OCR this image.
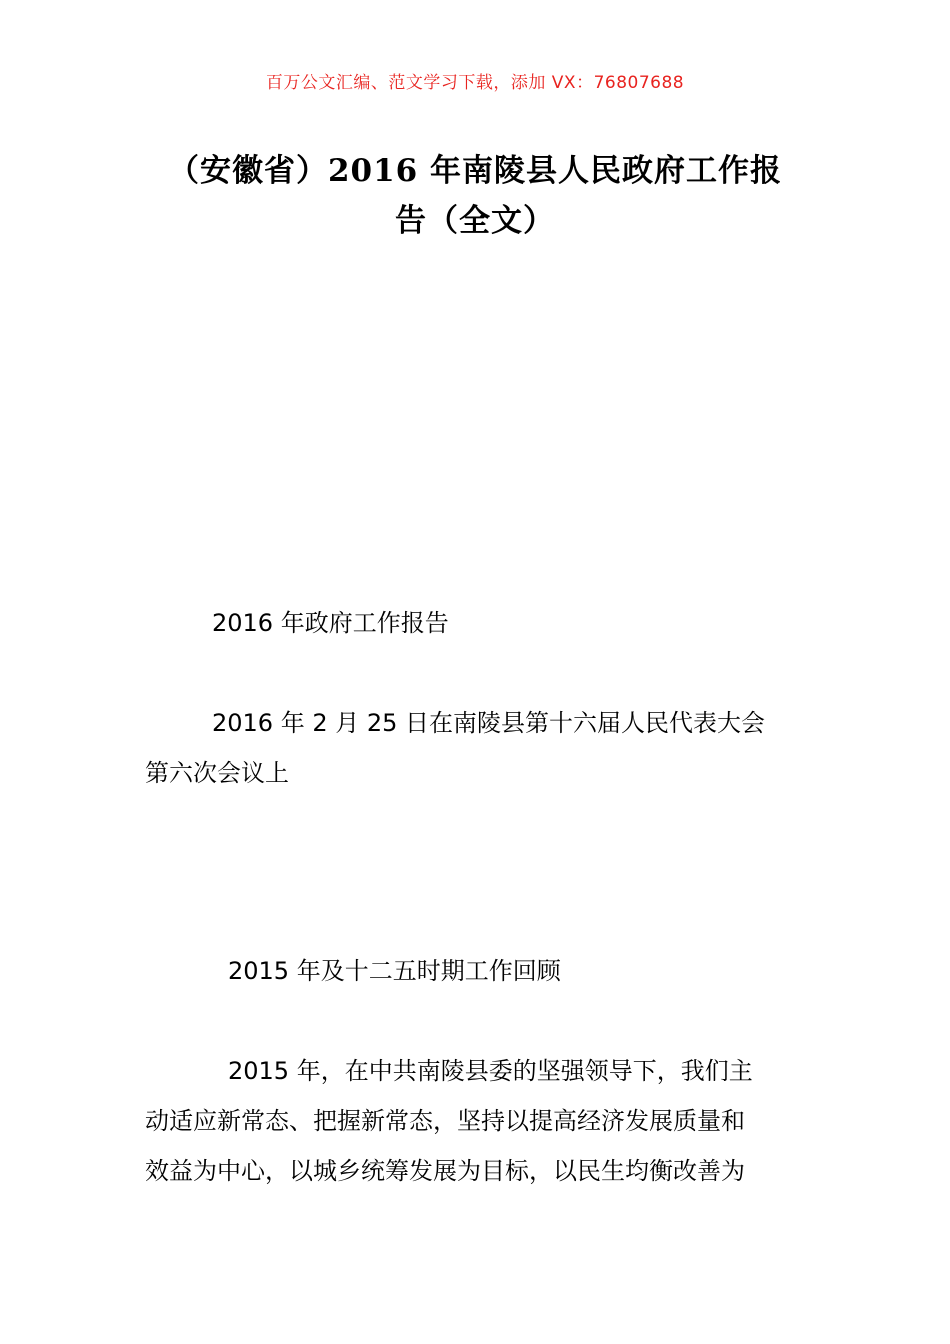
百万公文汇编、范文学习下载，添加 VX：76807688
（安徽省）2016 年南陵县人民政府工作报
告（全文）
2016 年政府工作报告
2016 年 2 月 25 日在南陵县第十六届人民代表大会
第六次会议上
2015 年及十二五时期工作回顾
2015 年，在中共南陵县委的坚强领导下，我们主
动适应新常态、把握新常态，坚持以提高经济发展质量和
效益为中心，以城乡统筹发展为目标，以民生均衡改善为
